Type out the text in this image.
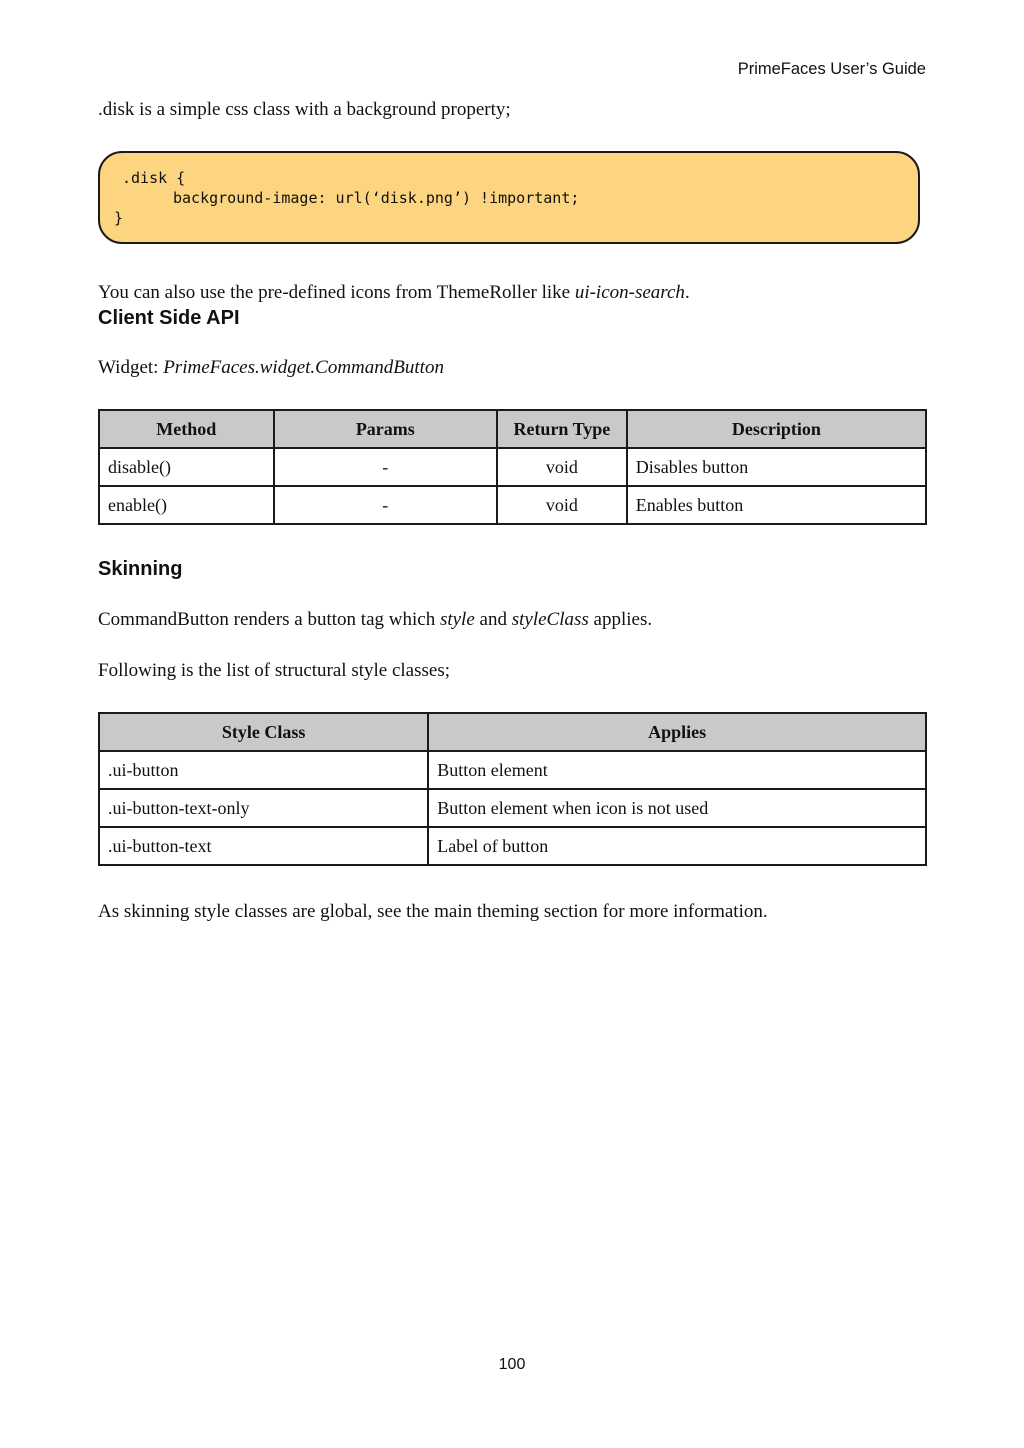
PrimeFaces User’s Guide
.disk is a simple css class with a background property;
.disk {
background-image: url(‘disk.png’) !important;
}
You can also use the pre-defined icons from ThemeRoller like ui-icon-search.
Client Side API
Widget: PrimeFaces.widget.CommandButton
Method	Params	Return Type	Description
disable()	-	void	Disables button
enable()	-	void	Enables button
Skinning
CommandButton renders a button tag which style and styleClass applies.
Following is the list of structural style classes;
Style Class	Applies
.ui-button	Button element
.ui-button-text-only	Button element when icon is not used
.ui-button-text	Label of button
As skinning style classes are global, see the main theming section for more information.
100
